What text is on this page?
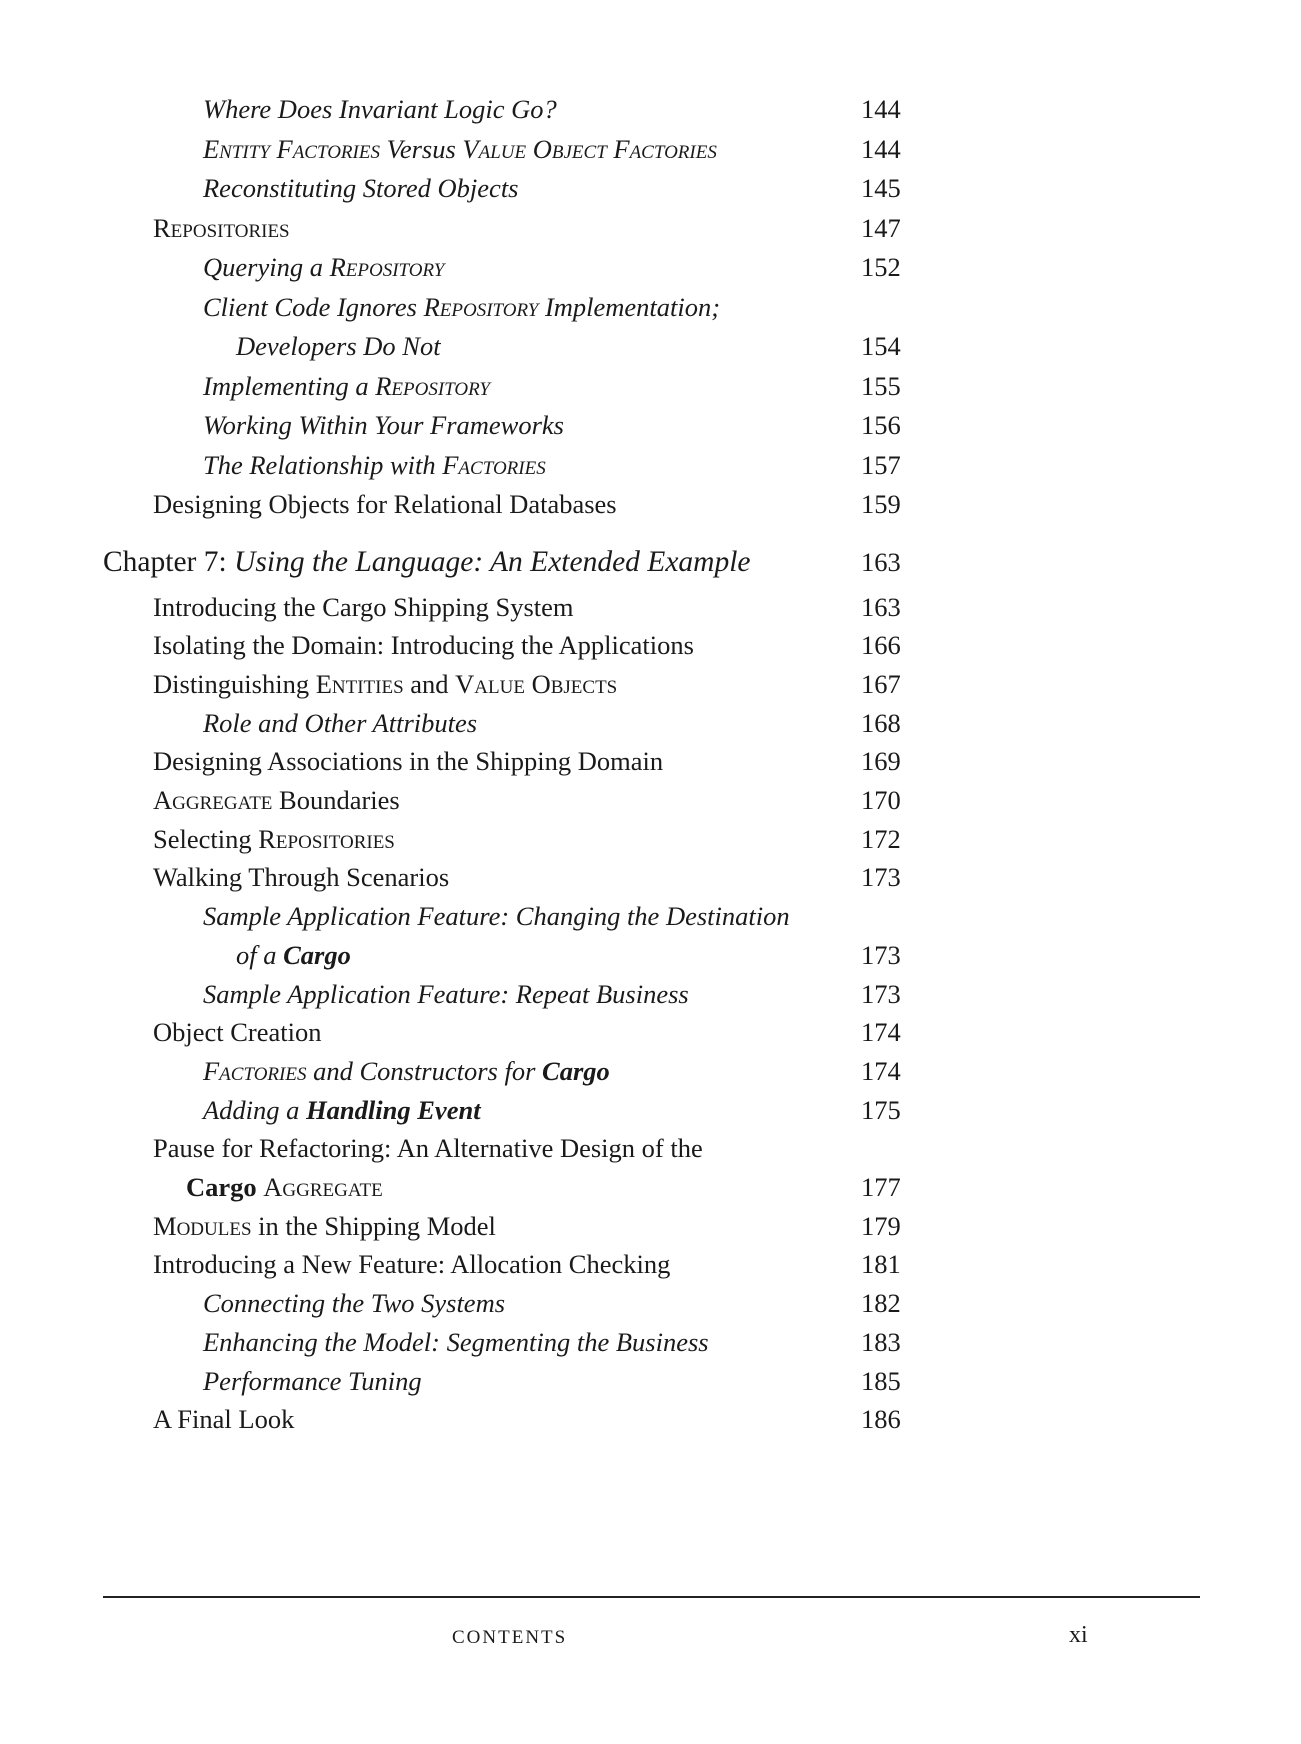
Where Does Invariant Logic Go?	144
Entity Factories Versus Value Object Factories	144
Reconstituting Stored Objects	145
Repositories	147
Querying a Repository	152
Client Code Ignores Repository Implementation;
Developers Do Not	154
Implementing a Repository	155
Working Within Your Frameworks	156
The Relationship with Factories	157
Designing Objects for Relational Databases	159
Chapter 7: Using the Language: An Extended Example	163
Introducing the Cargo Shipping System	163
Isolating the Domain: Introducing the Applications	166
Distinguishing Entities and Value Objects	167
Role and Other Attributes	168
Designing Associations in the Shipping Domain	169
Aggregate Boundaries	170
Selecting Repositories	172
Walking Through Scenarios	173
Sample Application Feature: Changing the Destination
of a Cargo	173
Sample Application Feature: Repeat Business	173
Object Creation	174
Factories and Constructors for Cargo	174
Adding a Handling Event	175
Pause for Refactoring: An Alternative Design of the
Cargo Aggregate	177
Modules in the Shipping Model	179
Introducing a New Feature: Allocation Checking	181
Connecting the Two Systems	182
Enhancing the Model: Segmenting the Business	183
Performance Tuning	185
A Final Look	186
CONTENTS	xi
